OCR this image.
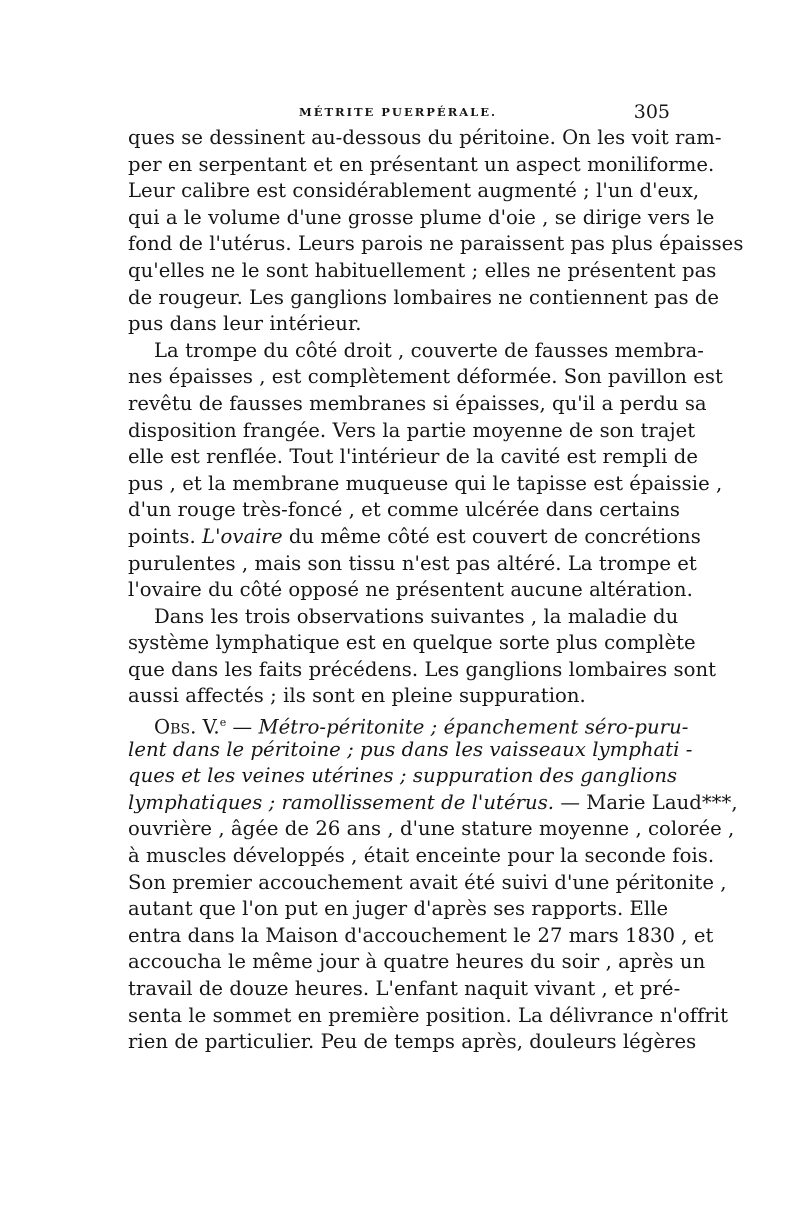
MÉTRITE PUERPÉRALE.	305
ques se dessinent au-dessous du péritoine. On les voit ram-
per en serpentant et en présentant un aspect moniliforme.
Leur calibre est considérablement augmenté ; l'un d'eux,
qui a le volume d'une grosse plume d'oie , se dirige vers le
fond de l'utérus. Leurs parois ne paraissent pas plus épaisses
qu'elles ne le sont habituellement ; elles ne présentent pas
de rougeur. Les ganglions lombaires ne contiennent pas de
pus dans leur intérieur.
La trompe du côté droit , couverte de fausses membra-
nes épaisses , est complètement déformée. Son pavillon est
revêtu de fausses membranes si épaisses, qu'il a perdu sa
disposition frangée. Vers la partie moyenne de son trajet
elle est renflée. Tout l'intérieur de la cavité est rempli de
pus , et la membrane muqueuse qui le tapisse est épaissie ,
d'un rouge très-foncé , et comme ulcérée dans certains
points. L'ovaire du même côté est couvert de concrétions
purulentes , mais son tissu n'est pas altéré. La trompe et
l'ovaire du côté opposé ne présentent aucune altération.
Dans les trois observations suivantes , la maladie du
système lymphatique est en quelque sorte plus complète
que dans les faits précédens. Les ganglions lombaires sont
aussi affectés ; ils sont en pleine suppuration.
Obs. V.$^e$ — Métro-péritonite ; épanchement séro-puru-
lent dans le péritoine ; pus dans les vaisseaux lymphati -
ques et les veines utérines ; suppuration des ganglions
lymphatiques ; ramollissement de l'utérus. — Marie Laud***,
ouvrière , âgée de 26 ans , d'une stature moyenne , colorée ,
à muscles développés , était enceinte pour la seconde fois.
Son premier accouchement avait été suivi d'une péritonite ,
autant que l'on put en juger d'après ses rapports. Elle
entra dans la Maison d'accouchement le 27 mars 1830 , et
accoucha le même jour à quatre heures du soir , après un
travail de douze heures. L'enfant naquit vivant , et pré-
senta le sommet en première position. La délivrance n'offrit
rien de particulier. Peu de temps après, douleurs légères
